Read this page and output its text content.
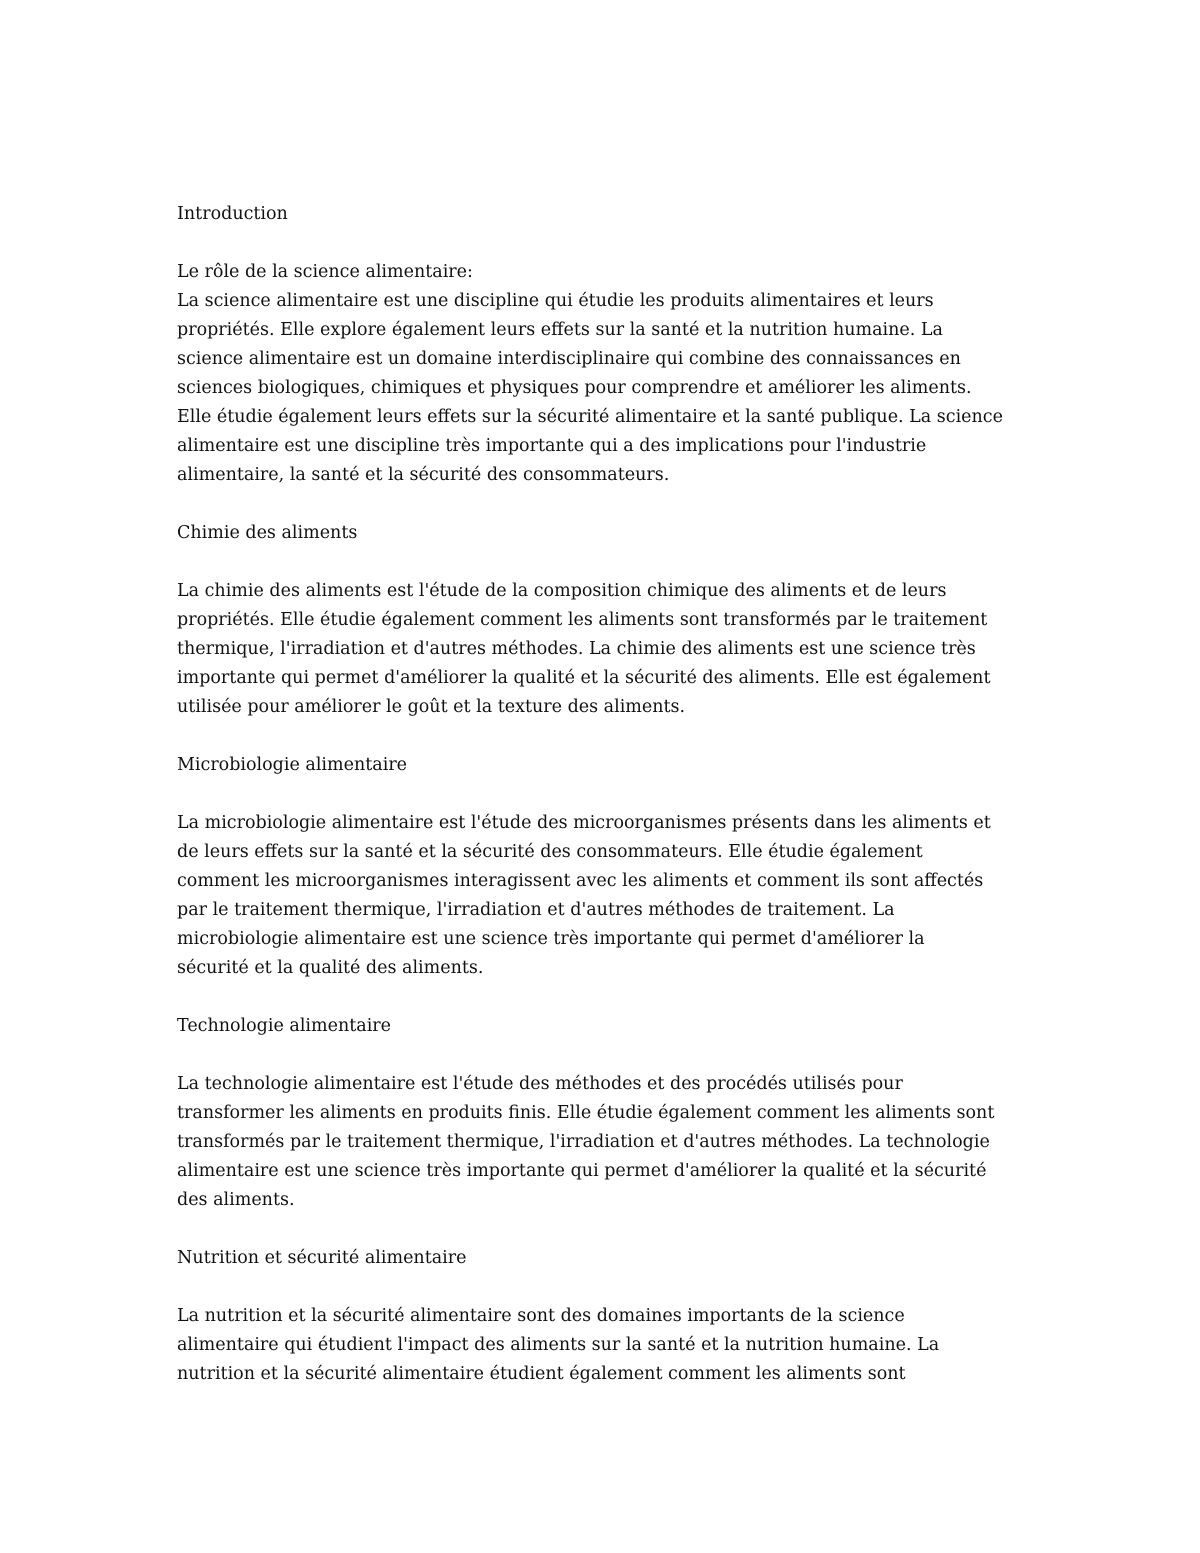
Introduction
Le rôle de la science alimentaire:
La science alimentaire est une discipline qui étudie les produits alimentaires et leurs
propriétés. Elle explore également leurs effets sur la santé et la nutrition humaine. La
science alimentaire est un domaine interdisciplinaire qui combine des connaissances en
sciences biologiques, chimiques et physiques pour comprendre et améliorer les aliments.
Elle étudie également leurs effets sur la sécurité alimentaire et la santé publique. La science
alimentaire est une discipline très importante qui a des implications pour l'industrie
alimentaire, la santé et la sécurité des consommateurs.
Chimie des aliments
La chimie des aliments est l'étude de la composition chimique des aliments et de leurs
propriétés. Elle étudie également comment les aliments sont transformés par le traitement
thermique, l'irradiation et d'autres méthodes. La chimie des aliments est une science très
importante qui permet d'améliorer la qualité et la sécurité des aliments. Elle est également
utilisée pour améliorer le goût et la texture des aliments.
Microbiologie alimentaire
La microbiologie alimentaire est l'étude des microorganismes présents dans les aliments et
de leurs effets sur la santé et la sécurité des consommateurs. Elle étudie également
comment les microorganismes interagissent avec les aliments et comment ils sont affectés
par le traitement thermique, l'irradiation et d'autres méthodes de traitement. La
microbiologie alimentaire est une science très importante qui permet d'améliorer la
sécurité et la qualité des aliments.
Technologie alimentaire
La technologie alimentaire est l'étude des méthodes et des procédés utilisés pour
transformer les aliments en produits finis. Elle étudie également comment les aliments sont
transformés par le traitement thermique, l'irradiation et d'autres méthodes. La technologie
alimentaire est une science très importante qui permet d'améliorer la qualité et la sécurité
des aliments.
Nutrition et sécurité alimentaire
La nutrition et la sécurité alimentaire sont des domaines importants de la science
alimentaire qui étudient l'impact des aliments sur la santé et la nutrition humaine. La
nutrition et la sécurité alimentaire étudient également comment les aliments sont
